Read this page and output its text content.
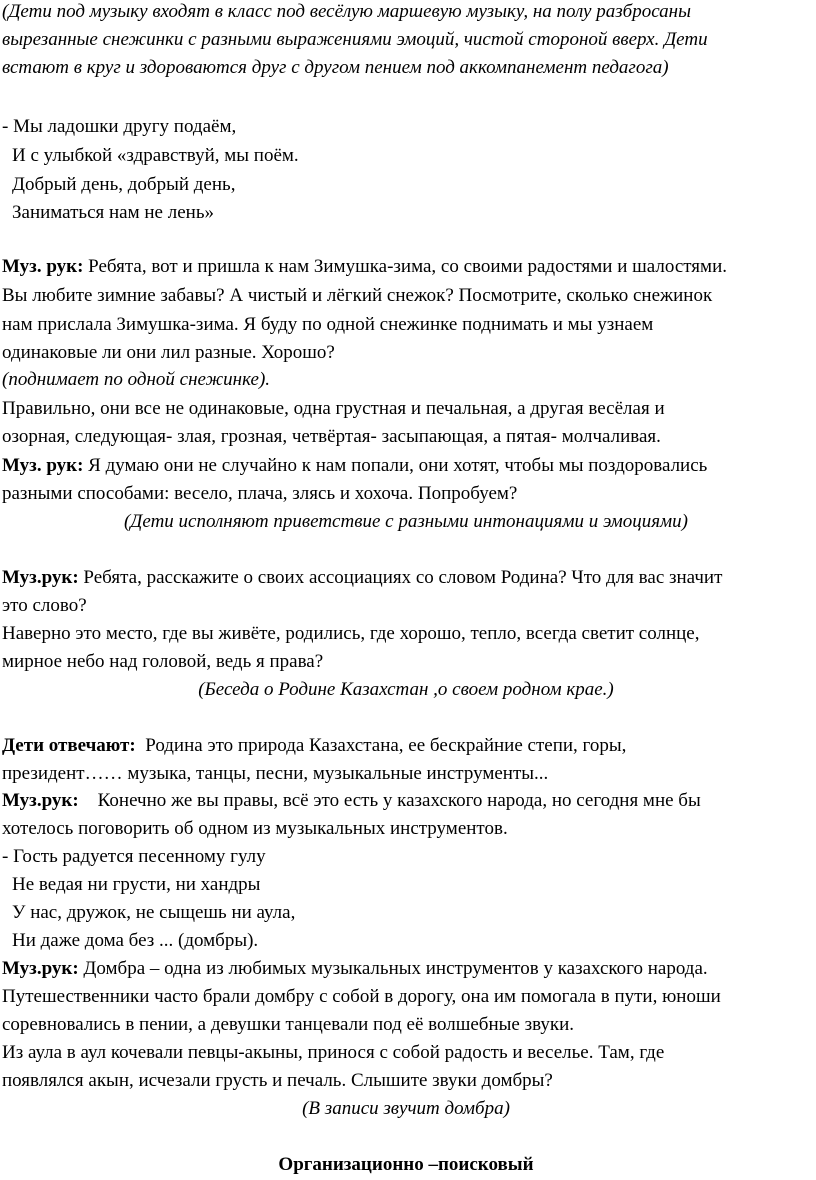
(Дети под музыку входят в класс под весёлую маршевую музыку, на полу разбросаны
вырезанные снежинки с разными выражениями эмоций, чистой стороной вверх. Дети
встают в круг и здороваются друг с другом пением под аккомпанемент педагога)
- Мы ладошки другу подаём,
И с улыбкой «здравствуй, мы поём.
Добрый день, добрый день,
Заниматься нам не лень»
Муз. рук: Ребята, вот и пришла к нам Зимушка-зима, со своими радостями и шалостями.
Вы любите зимние забавы? А чистый и лёгкий снежок? Посмотрите, сколько снежинок
нам прислала Зимушка-зима. Я буду по одной снежинке поднимать и мы узнаем
одинаковые ли они лил разные. Хорошо?
(поднимает по одной снежинке).
Правильно, они все не одинаковые, одна грустная и печальная, а другая весёлая и
озорная, следующая- злая, грозная, четвёртая- засыпающая, а пятая- молчаливая.
Муз. рук: Я думаю они не случайно к нам попали, они хотят, чтобы мы поздоровались
разными способами: весело, плача, злясь и хохоча. Попробуем?
(Дети исполняют приветствие с разными интонациями и эмоциями)
Муз.рук: Ребята, расскажите о своих ассоциациях со словом Родина? Что для вас значит
это слово?
Наверно это место, где вы живёте, родились, где хорошо, тепло, всегда светит солнце,
мирное небо над головой, ведь я права?
(Беседа о Родине Казахстан ,о своем родном крае.)
Дети отвечают:  Родина это природа Казахстана, ее бескрайние степи, горы,
президент…… музыка, танцы, песни, музыкальные инструменты...
Муз.рук:    Конечно же вы правы, всё это есть у казахского народа, но сегодня мне бы
хотелось поговорить об одном из музыкальных инструментов.
- Гость радуется песенному гулу
Не ведая ни грусти, ни хандры
У нас, дружок, не сыщешь ни аула,
Ни даже дома без ... (домбры).
Муз.рук: Домбра – одна из любимых музыкальных инструментов у казахского народа.
Путешественники часто брали домбру с собой в дорогу, она им помогала в пути, юноши
соревновались в пении, а девушки танцевали под её волшебные звуки.
Из аула в аул кочевали певцы-акыны, принося с собой радость и веселье. Там, где
появлялся акын, исчезали грусть и печаль. Слышите звуки домбры?
(В записи звучит домбра)
Организационно –поисковый
